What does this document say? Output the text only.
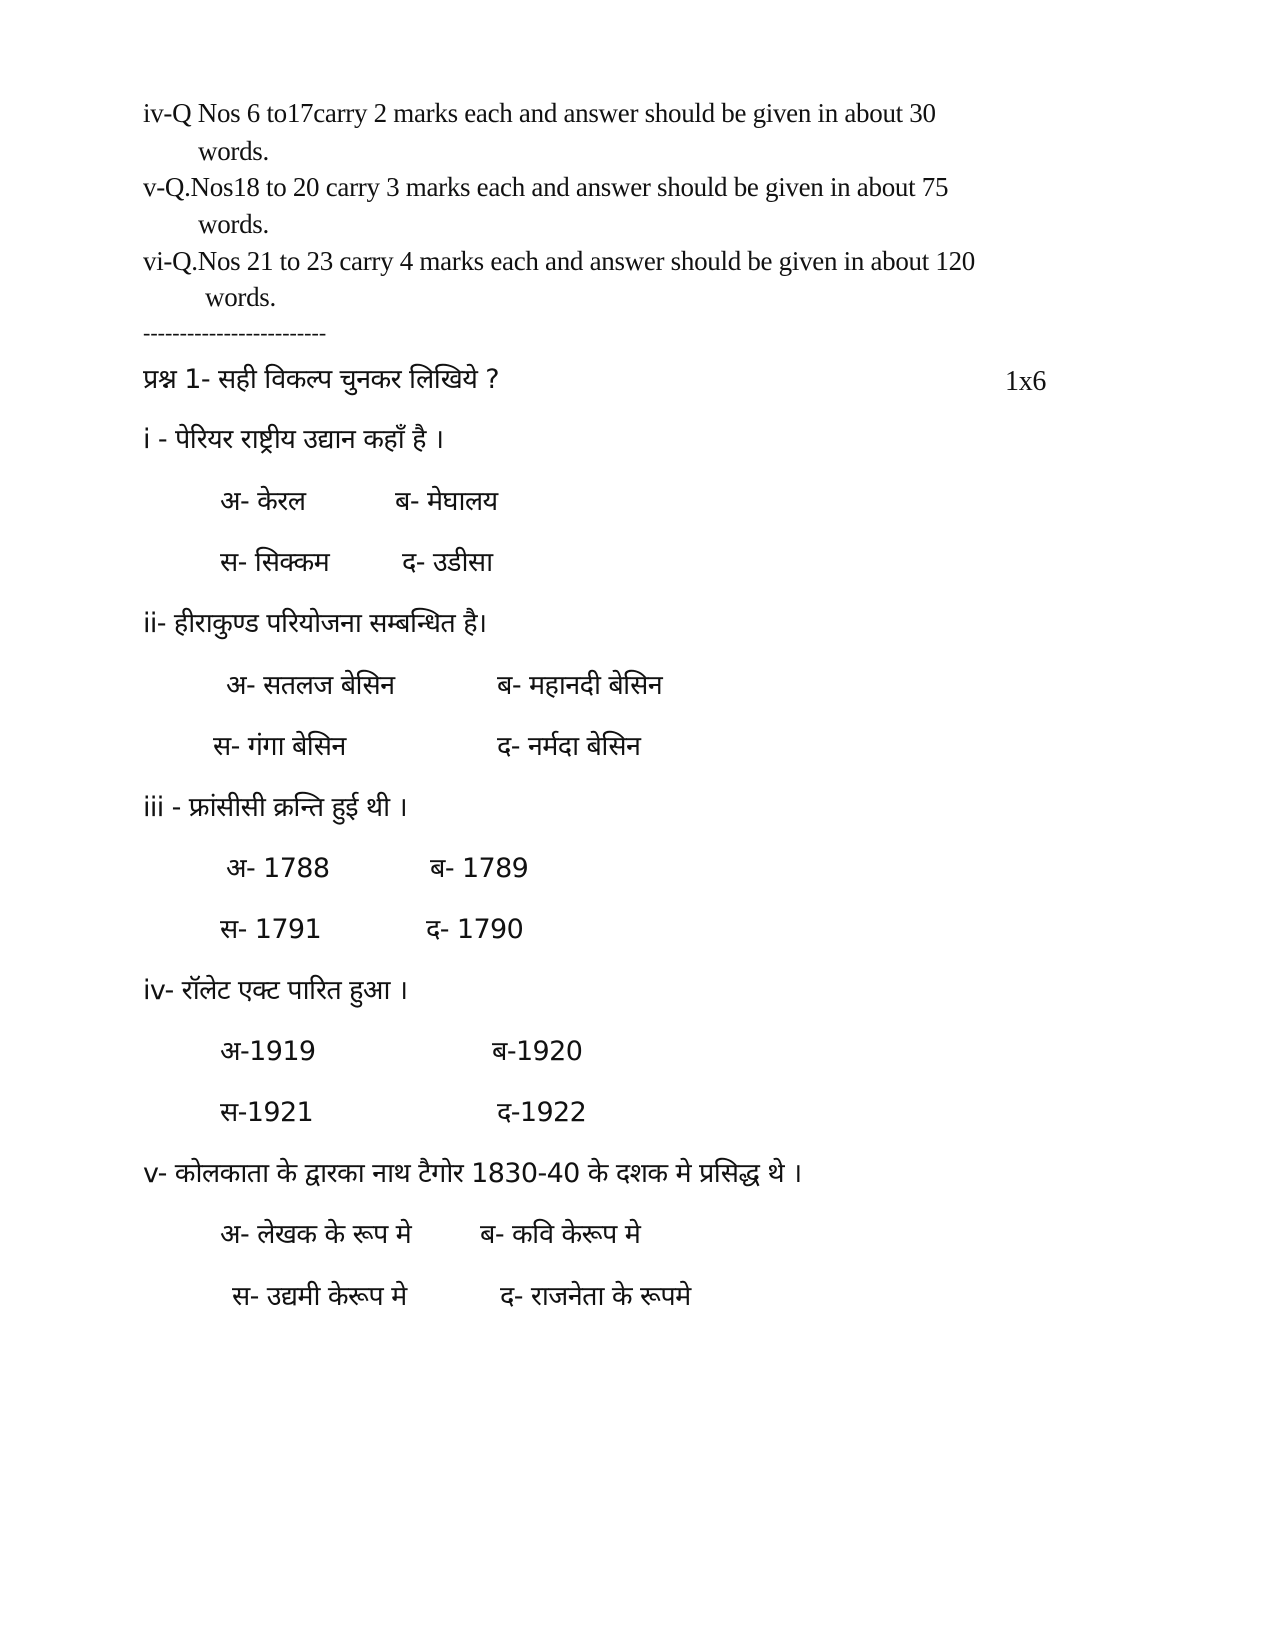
iv-Q Nos 6 to17carry 2 marks each and answer should be given in about 30
words.
v-Q.Nos18 to 20 carry 3 marks each and answer should be given in about 75
words.
vi-Q.Nos 21 to 23 carry 4 marks each and answer should be given in about 120
words.
-------------------------
प्रश्न 1- सही विकल्प चुनकर लिखिये ?	1x6
i - पेरियर राष्ट्रीय उद्यान कहाँ है ।
अ- केरल	ब- मेघालय
स- सिक्कम	द- उडीसा
ii- हीराकुण्ड परियोजना सम्बन्धित है।
अ- सतलज बेसिन	ब- महानदी बेसिन
स- गंगा बेसिन	द- नर्मदा बेसिन
iii - फ्रांसीसी क्रन्ति हुई थी ।
अ- 1788	ब- 1789
स- 1791	द- 1790
iv- रॉलेट एक्ट पारित हुआ ।
अ-1919	ब-1920
स-1921	द-1922
v- कोलकाता के द्वारका नाथ टैगोर 1830-40 के दशक मे प्रसिद्ध थे ।
अ- लेखक के रूप मे	ब- कवि केरूप मे
स- उद्यमी केरूप मे	द- राजनेता के रूपमे
